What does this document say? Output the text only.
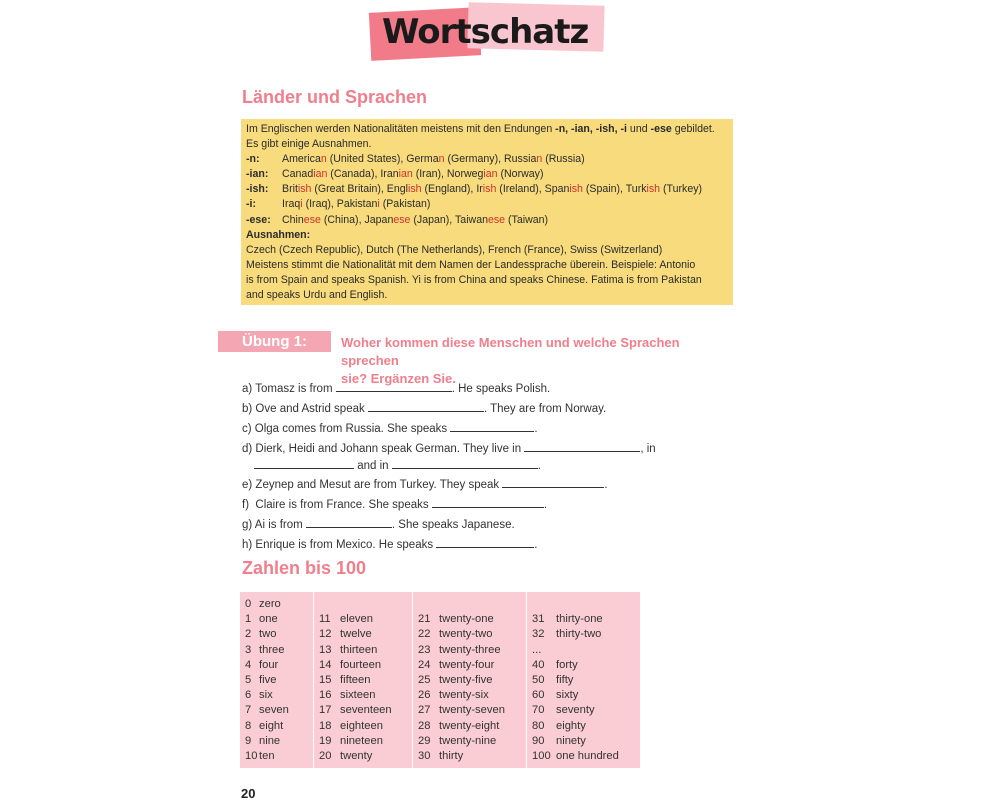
Wortschatz
Länder und Sprachen

Im Englischen werden Nationalitäten meistens mit den Endungen -n, -ian, -ish, -i und -ese gebildet.

Es gibt einige Ausnahmen.

-n:	American (United States), German (Germany), Russian (Russia)
-ian:	Canadian (Canada), Iranian (Iran), Norwegian (Norway)
-ish:	British (Great Britain), English (England), Irish (Ireland), Spanish (Spain), Turkish (Turkey)
-i:	Iraqi (Iraq), Pakistani (Pakistan)
-ese:	Chinese (China), Japanese (Japan), Taiwanese (Taiwan)

Ausnahmen:

Czech (Czech Republic), Dutch (The Netherlands), French (France), Swiss (Switzerland)

Meistens stimmt die Nationalität mit dem Namen der Landessprache überein. Beispiele: Antonio

is from Spain and speaks Spanish. Yi is from China and speaks Chinese. Fatima is from Pakistan

and speaks Urdu and English.

Übung 1:	Woher kommen diese Menschen und welche Sprachen sprechen
sie? Ergänzen Sie.

a) Tomasz is from	. He speaks Polish.
b) Ove and Astrid speak	. They are from Norway.
c) Olga comes from Russia. She speaks	.
d) Dierk, Heidi and Johann speak German. They live in	, in
and in	.
e) Zeynep and Mesut are from Turkey. They speak	.
f)  Claire is from France. She speaks	.
g) Ai is from	. She speaks Japanese.
h) Enrique is from Mexico. He speaks	.
Zahlen bis 100
0 zero
1 one
2 two
3 three
4 four
5 five
6 six
7 seven
8 eight
9 nine
10 ten
11 eleven
12 twelve
13 thirteen
14 fourteen
15 fifteen
16 sixteen
17 seventeen
18 eighteen
19 nineteen
20 twenty
21 twenty-one
22 twenty-two
23 twenty-three
24 twenty-four
25 twenty-five
26 twenty-six
27 twenty-seven
28 twenty-eight
29 twenty-nine
30 thirty
31 thirty-one
32 thirty-two
...
40 forty
50 fifty
60 sixty
70 seventy
80 eighty
90 ninety
100 one hundred
20
